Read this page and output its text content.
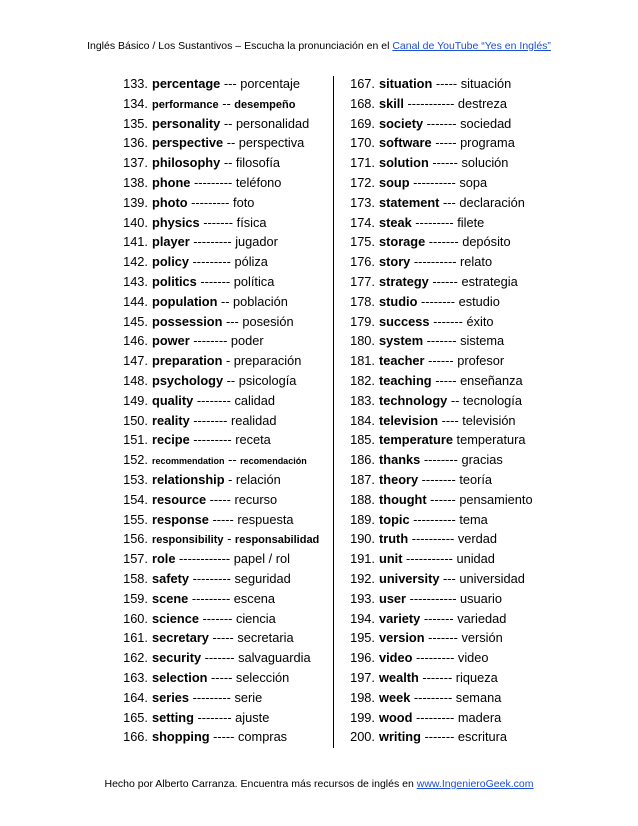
Inglés Básico / Los Sustantivos – Escucha la pronunciación en el Canal de YouTube “Yes en Inglés”
133. percentage --- porcentaje
134. performance -- desempeño
135. personality -- personalidad
136. perspective -- perspectiva
137. philosophy -- filosofía
138. phone --------- teléfono
139. photo --------- foto
140. physics ------- física
141. player --------- jugador
142. policy --------- póliza
143. politics ------- política
144. population -- población
145. possession --- posesión
146. power -------- poder
147. preparation - preparación
148. psychology -- psicología
149. quality -------- calidad
150. reality -------- realidad
151. recipe --------- receta
152. recommendation -- recomendación
153. relationship - relación
154. resource ----- recurso
155. response ----- respuesta
156. responsibility - responsabilidad
157. role ------------ papel / rol
158. safety --------- seguridad
159. scene --------- escena
160. science ------- ciencia
161. secretary ----- secretaria
162. security ------- salvaguardia
163. selection ----- selección
164. series --------- serie
165. setting -------- ajuste
166. shopping ----- compras
167. situation ----- situación
168. skill ----------- destreza
169. society ------- sociedad
170. software ----- programa
171. solution ------ solución
172. soup ---------- sopa
173. statement --- declaración
174. steak --------- filete
175. storage ------- depósito
176. story ---------- relato
177. strategy ------ estrategia
178. studio -------- estudio
179. success ------- éxito
180. system ------- sistema
181. teacher ------ profesor
182. teaching ----- enseñanza
183. technology -- tecnología
184. television ---- televisión
185. temperature temperatura
186. thanks -------- gracias
187. theory -------- teoría
188. thought ------ pensamiento
189. topic ---------- tema
190. truth ---------- verdad
191. unit ----------- unidad
192. university --- universidad
193. user ----------- usuario
194. variety ------- variedad
195. version ------- versión
196. video --------- video
197. wealth ------- riqueza
198. week --------- semana
199. wood --------- madera
200. writing ------- escritura
Hecho por Alberto Carranza. Encuentra más recursos de inglés en www.IngenieroGeek.com
